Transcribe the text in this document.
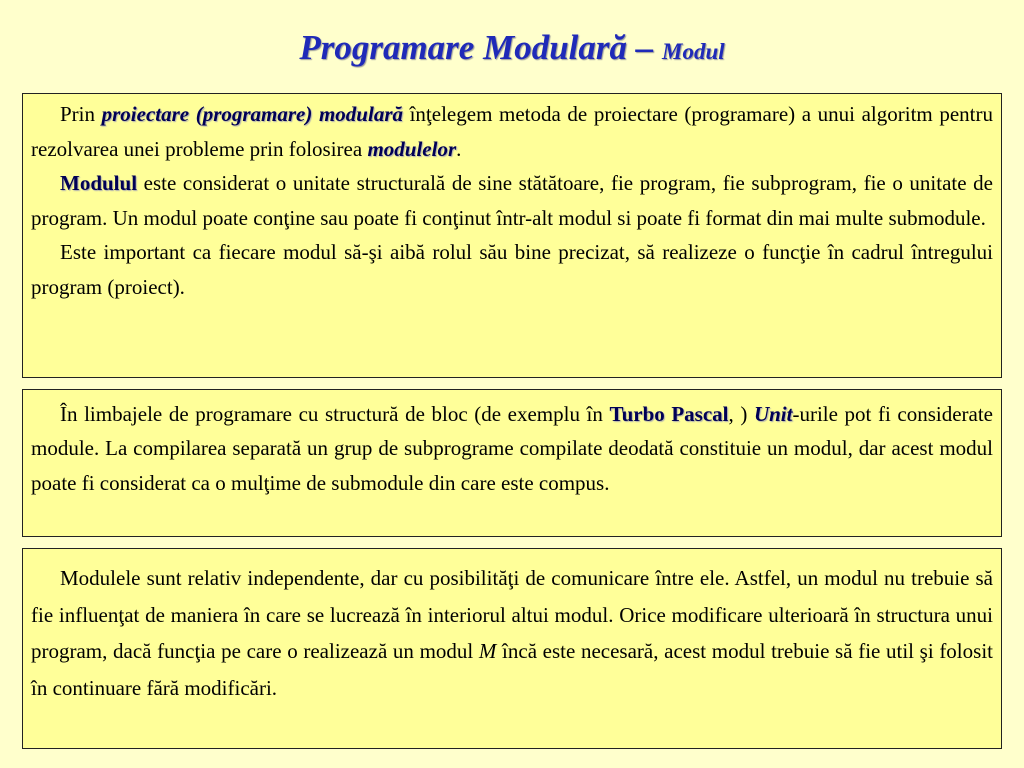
Programare Modulară – Modul

Prin proiectare (programare) modulară înţelegem metoda de proiectare (programare) a unui algoritm pentru rezolvarea unei probleme prin folosirea modulelor.

Modulul este considerat o unitate structurală de sine stătătoare, fie program, fie subprogram, fie o unitate de program. Un modul poate conţine sau poate fi conţinut într-alt modul si poate fi format din mai multe submodule.

Este important ca fiecare modul să-şi aibă rolul său bine precizat, să realizeze o funcţie în cadrul întregului program (proiect).

În limbajele de programare cu structură de bloc (de exemplu în Turbo Pascal, ) Unit-urile pot fi considerate module. La compilarea separată un grup de subprograme compilate deodată constituie un modul, dar acest modul poate fi considerat ca o mulţime de submodule din care este compus.

Modulele sunt relativ independente, dar cu posibilităţi de comunicare între ele. Astfel, un modul nu trebuie să fie influenţat de maniera în care se lucrează în interiorul altui modul. Orice modificare ulterioară în structura unui program, dacă funcţia pe care o realizează un modul M încă este necesară, acest modul trebuie să fie util şi folosit în continuare fără modificări.
